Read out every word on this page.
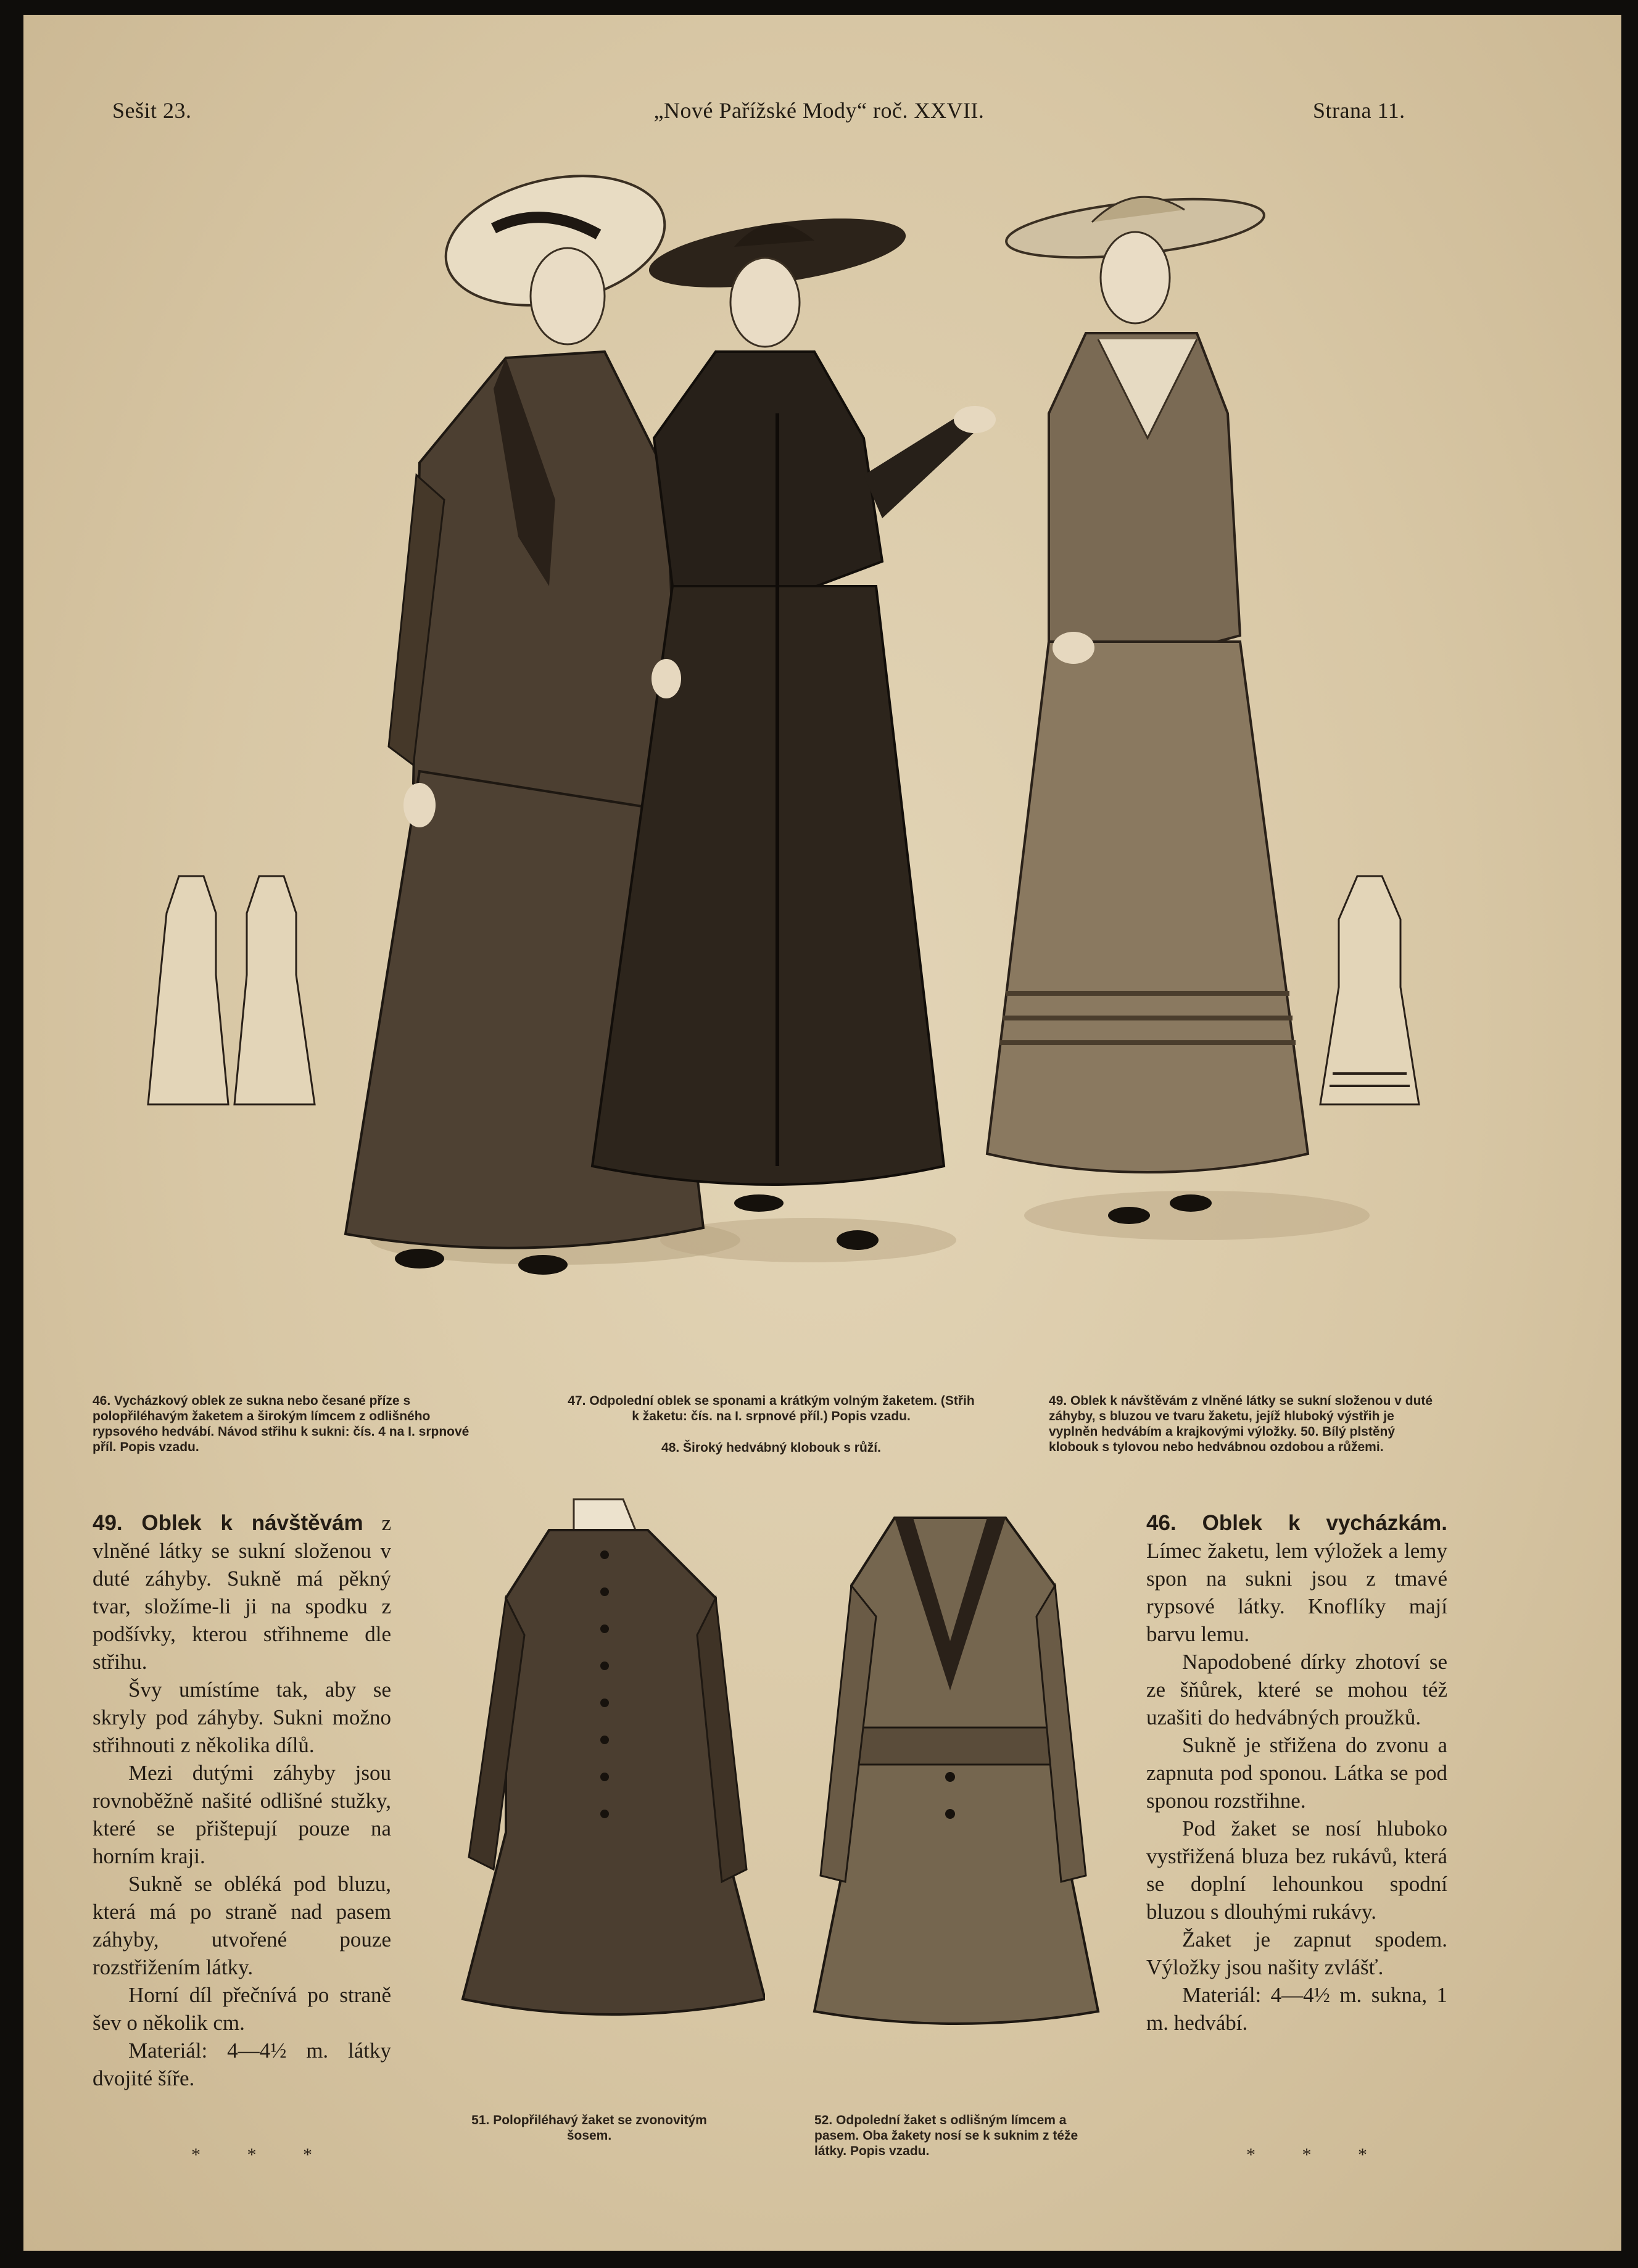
Sešit 23.	„Nové Pařížské Mody“ roč. XXVII.	Strana 11.
46. Vycházkový oblek ze sukna nebo česané příze s polopřiléhavým žaketem a širokým límcem z odlišného rypsového hedvábí. Návod střihu k sukni: čís. 4 na I. srpnové příl. Popis vzadu.
47. Odpolední oblek se sponami a krátkým volným žaketem. (Střih k žaketu: čís. na I. srpnové příl.) Popis vzadu.
48. Široký hedvábný klobouk s růží.
49. Oblek k návštěvám z vlněné látky se sukní složenou v duté záhyby, s bluzou ve tvaru žaketu, jejíž hluboký výstřih je vyplněn hedvábím a krajkovými výložky. 50. Bílý plstěný klobouk s tylovou nebo hedvábnou ozdobou a růžemi.

49. Oblek k návštěvám z vlněné látky se sukní složenou v duté záhyby. Sukně má pěkný tvar, složíme-li ji na spodku z podšívky, kterou střihneme dle střihu.

Švy umístíme tak, aby se skryly pod záhyby. Sukni možno střihnouti z několika dílů.

Mezi dutými záhyby jsou rovnoběžně našité odlišné stužky, které se přištepují pouze na horním kraji.

Sukně se obléká pod bluzu, která má po straně nad pasem záhyby, utvořené pouze rozstřižením látky.

Horní díl přečnívá po straně šev o několik cm.

Materiál: 4—4½ m. látky dvojité šíře.

* * *
51. Polopřiléhavý žaket se zvonovitým šosem.
52. Odpolední žaket s odlišným límcem a pasem. Oba žakety nosí se k suknim z téže látky. Popis vzadu.

46. Oblek k vycházkám. Límec žaketu, lem výložek a lemy spon na sukni jsou z tmavé rypsové látky. Knoflíky mají barvu lemu.

Napodobené dírky zhotoví se ze šňůrek, které se mohou též uzašiti do hedvábných proužků.

Sukně je střižena do zvonu a zapnuta pod sponou. Látka se pod sponou rozstřihne.

Pod žaket se nosí hluboko vystřižená bluza bez rukávů, která se doplní lehounkou spodní bluzou s dlouhými rukávy.

Žaket je zapnut spodem. Výložky jsou našity zvlášť.

Materiál: 4—4½ m. sukna, 1 m. hedvábí.

* * *
